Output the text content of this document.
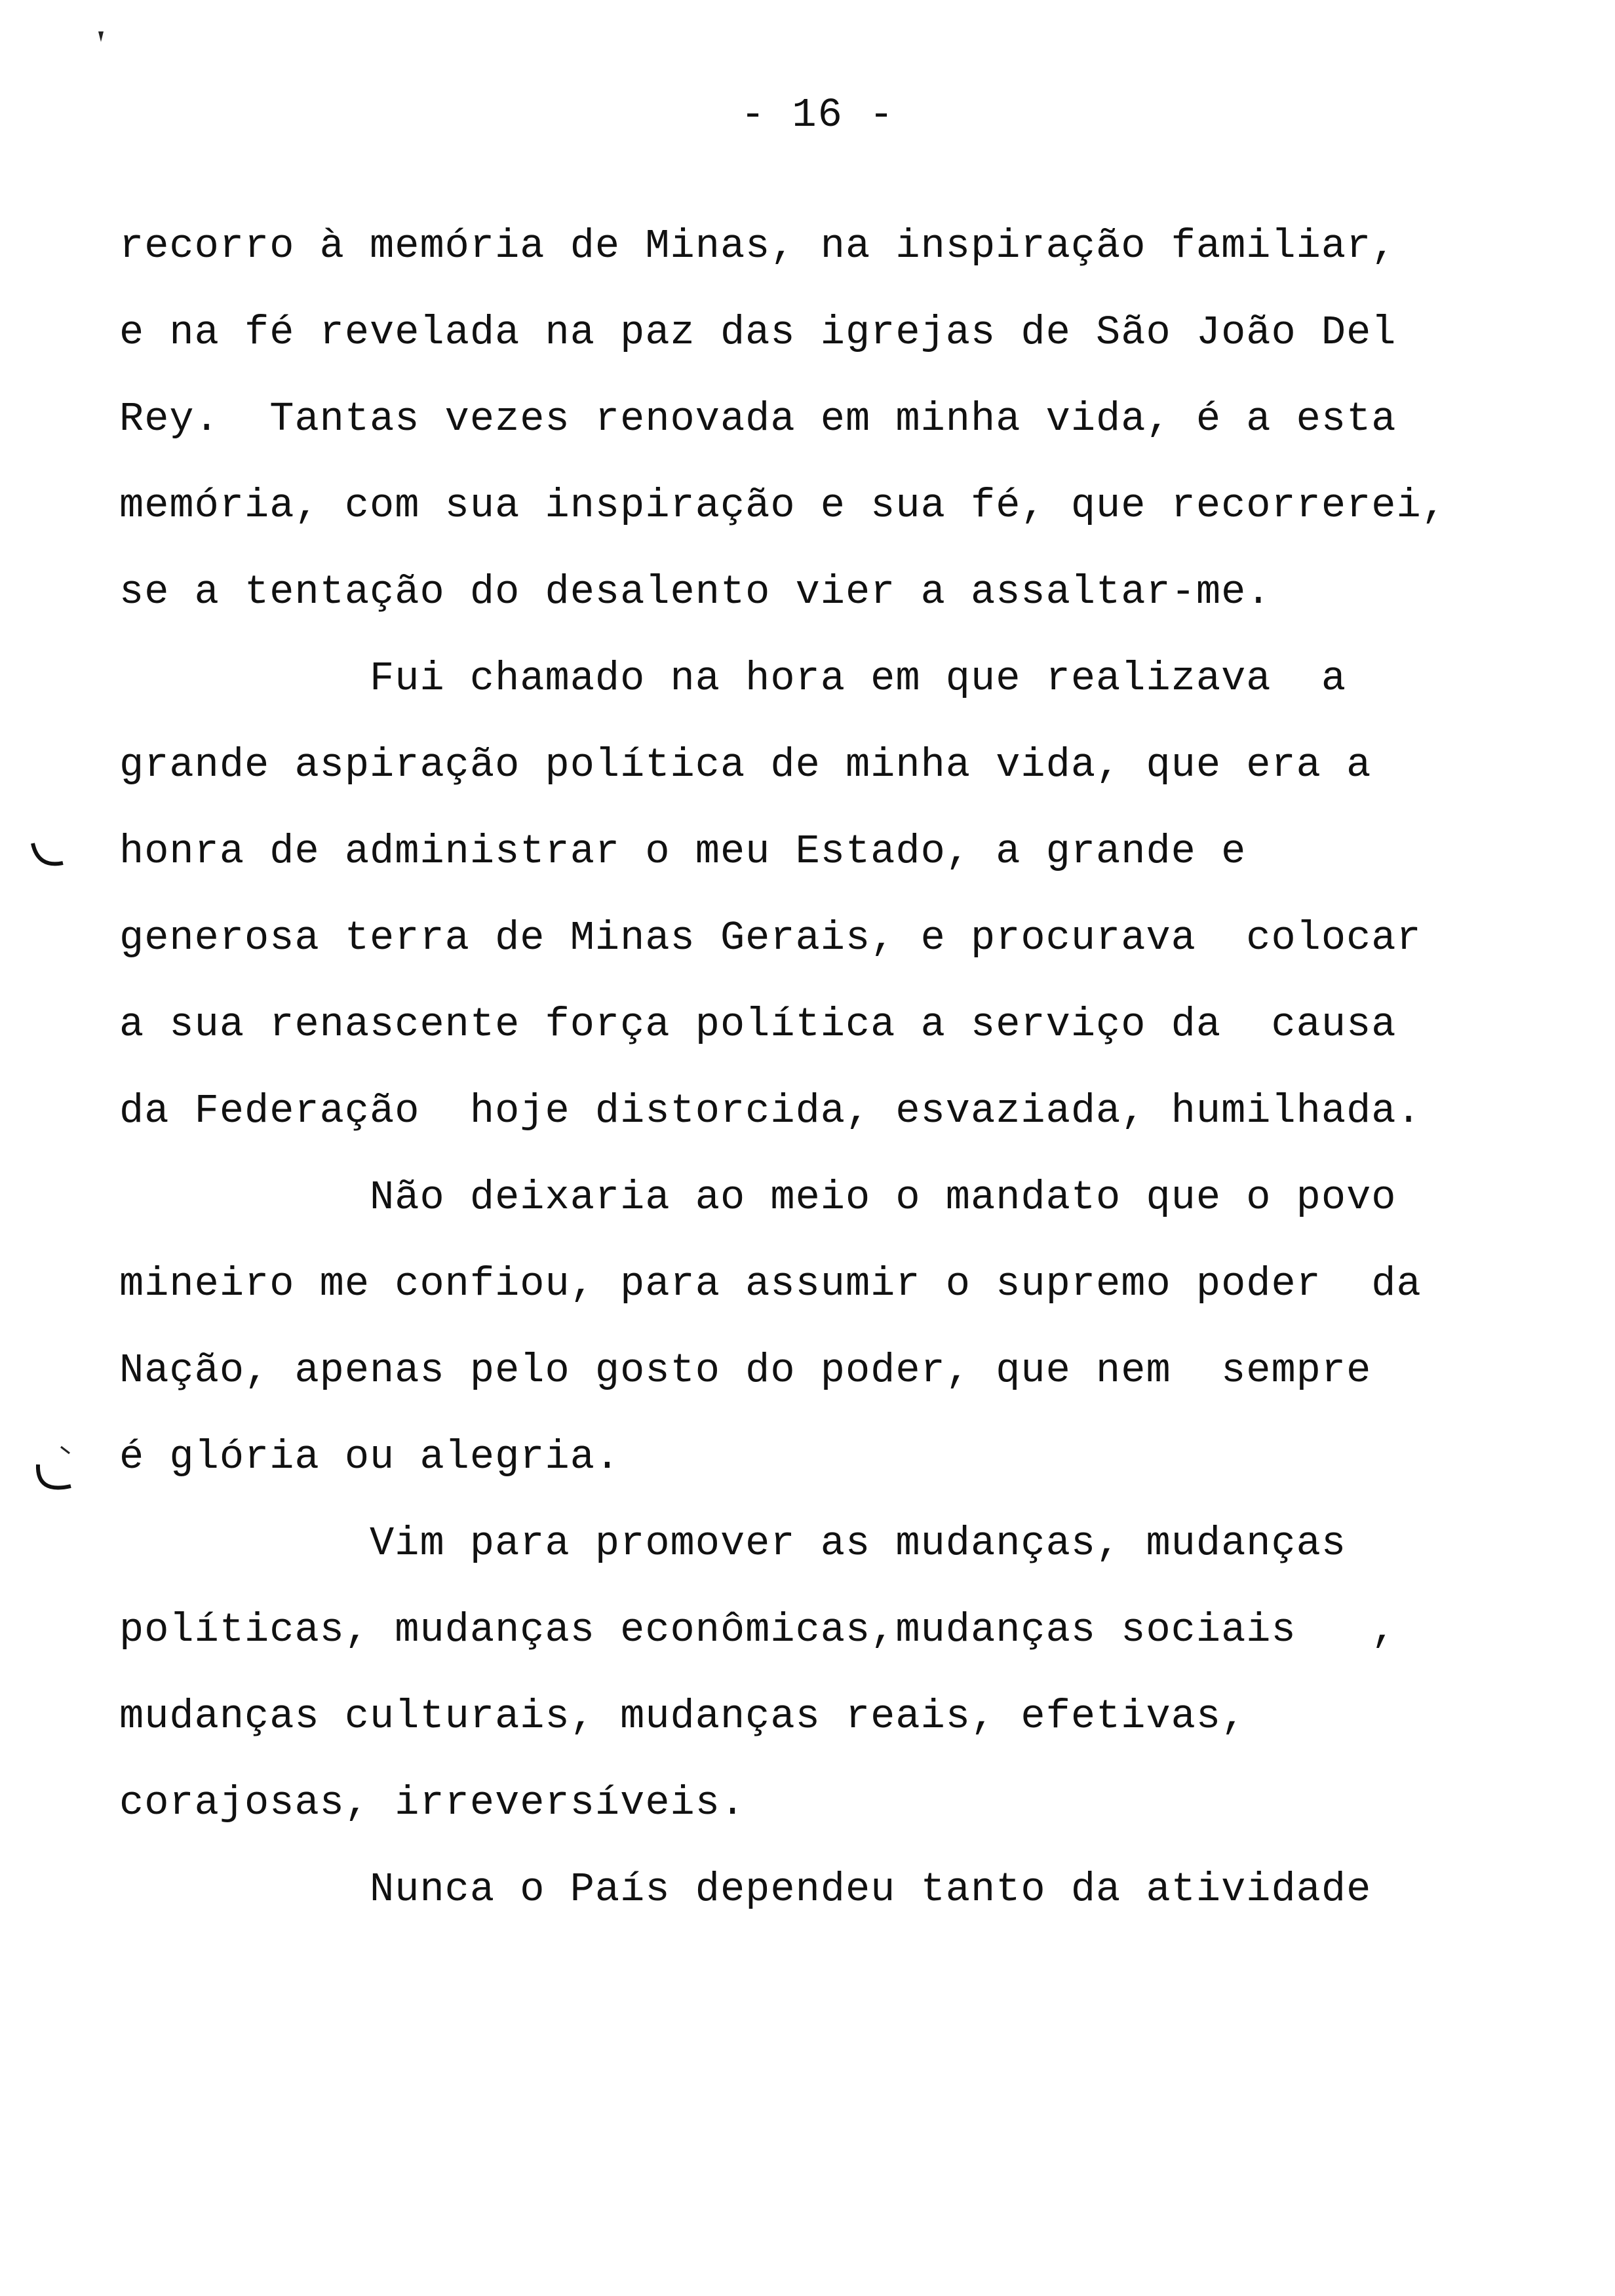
- 16 -
recorro à memória de Minas, na inspiração familiar,
e na fé revelada na paz das igrejas de São João Del
Rey.  Tantas vezes renovada em minha vida, é a esta
memória, com sua inspiração e sua fé, que recorrerei,
se a tentação do desalento vier a assaltar-me.
Fui chamado na hora em que realizava  a
grande aspiração política de minha vida, que era a
honra de administrar o meu Estado, a grande e
generosa terra de Minas Gerais, e procurava  colocar
a sua renascente força política a serviço da  causa
da Federação  hoje distorcida, esvaziada, humilhada.
Não deixaria ao meio o mandato que o povo
mineiro me confiou, para assumir o supremo poder  da
Nação, apenas pelo gosto do poder, que nem  sempre
é glória ou alegria.
Vim para promover as mudanças, mudanças
políticas, mudanças econômicas,mudanças sociais   ,
mudanças culturais, mudanças reais, efetivas,
corajosas, irreversíveis.
Nunca o País dependeu tanto da atividade
